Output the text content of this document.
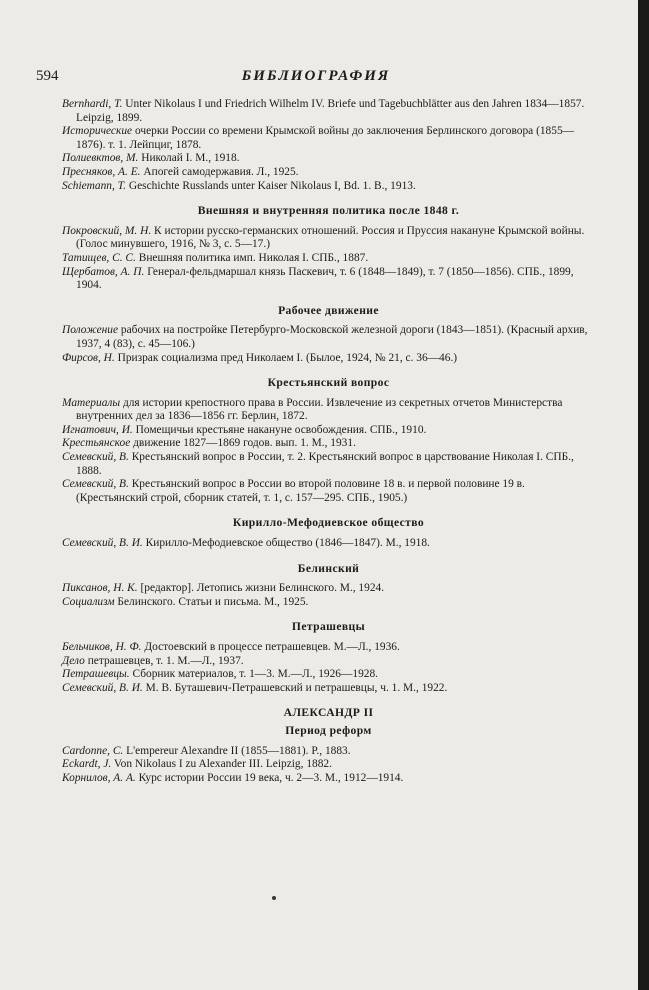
594	БИБЛИОГРАФИЯ

Bernhardi, T. Unter Nikolaus I und Friedrich Wilhelm IV. Briefe und Tagebuchblätter aus den Jahren 1834—1857. Leipzig, 1899.

Исторические очерки России со времени Крымской войны до заключения Берлинского договора (1855—1876). т. 1. Лейпциг, 1878.

Полиевктов, М. Николай I. М., 1918.

Пресняков, А. Е. Апогей самодержавия. Л., 1925.

Schiemann, T. Geschichte Russlands unter Kaiser Nikolaus I, Bd. 1. B., 1913.

Внешняя и внутренняя политика после 1848 г.

Покровский, М. Н. К истории русско-германских отношений. Россия и Пруссия накануне Крымской войны. (Голос минувшего, 1916, № 3, с. 5—17.)

Татищев, С. С. Внешняя политика имп. Николая I. СПБ., 1887.

Щербатов, А. П. Генерал-фельдмаршал князь Паскевич, т. 6 (1848—1849), т. 7 (1850—1856). СПБ., 1899, 1904.

Рабочее движение

Положение рабочих на постройке Петербурго-Московской железной дороги (1843—1851). (Красный архив, 1937, 4 (83), с. 45—106.)

Фирсов, Н. Призрак социализма пред Николаем I. (Былое, 1924, № 21, с. 36—46.)

Крестьянский вопрос

Материалы для истории крепостного права в России. Извлечение из секретных отчетов Министерства внутренних дел за 1836—1856 гг. Берлин, 1872.

Игнатович, И. Помещичьи крестьяне накануне освобождения. СПБ., 1910.

Крестьянское движение 1827—1869 годов. вып. 1. М., 1931.

Семевский, В. Крестьянский вопрос в России, т. 2. Крестьянский вопрос в царствование Николая I. СПБ., 1888.

Семевский, В. Крестьянский вопрос в России во второй половине 18 в. и первой половине 19 в. (Крестьянский строй, сборник статей, т. 1, с. 157—295. СПБ., 1905.)

Кирилло-Мефодиевское общество

Семевский, В. И. Кирилло-Мефодиевское общество (1846—1847). М., 1918.

Белинский

Пиксанов, Н. К. [редактор]. Летопись жизни Белинского. М., 1924.

Социализм Белинского. Статьи и письма. М., 1925.

Петрашевцы

Бельчиков, Н. Ф. Достоевский в процессе петрашевцев. М.—Л., 1936.

Дело петрашевцев, т. 1. М.—Л., 1937.

Петрашевцы. Сборник материалов, т. 1—3. М.—Л., 1926—1928.

Семевский, В. И. М. В. Буташевич-Петрашевский и петрашевцы, ч. 1. М., 1922.

АЛЕКСАНДР II
Период реформ

Cardonne, C. L'empereur Alexandre II (1855—1881). P., 1883.

Eckardt, J. Von Nikolaus I zu Alexander III. Leipzig, 1882.

Корнилов, А. А. Курс истории России 19 века, ч. 2—3. М., 1912—1914.
